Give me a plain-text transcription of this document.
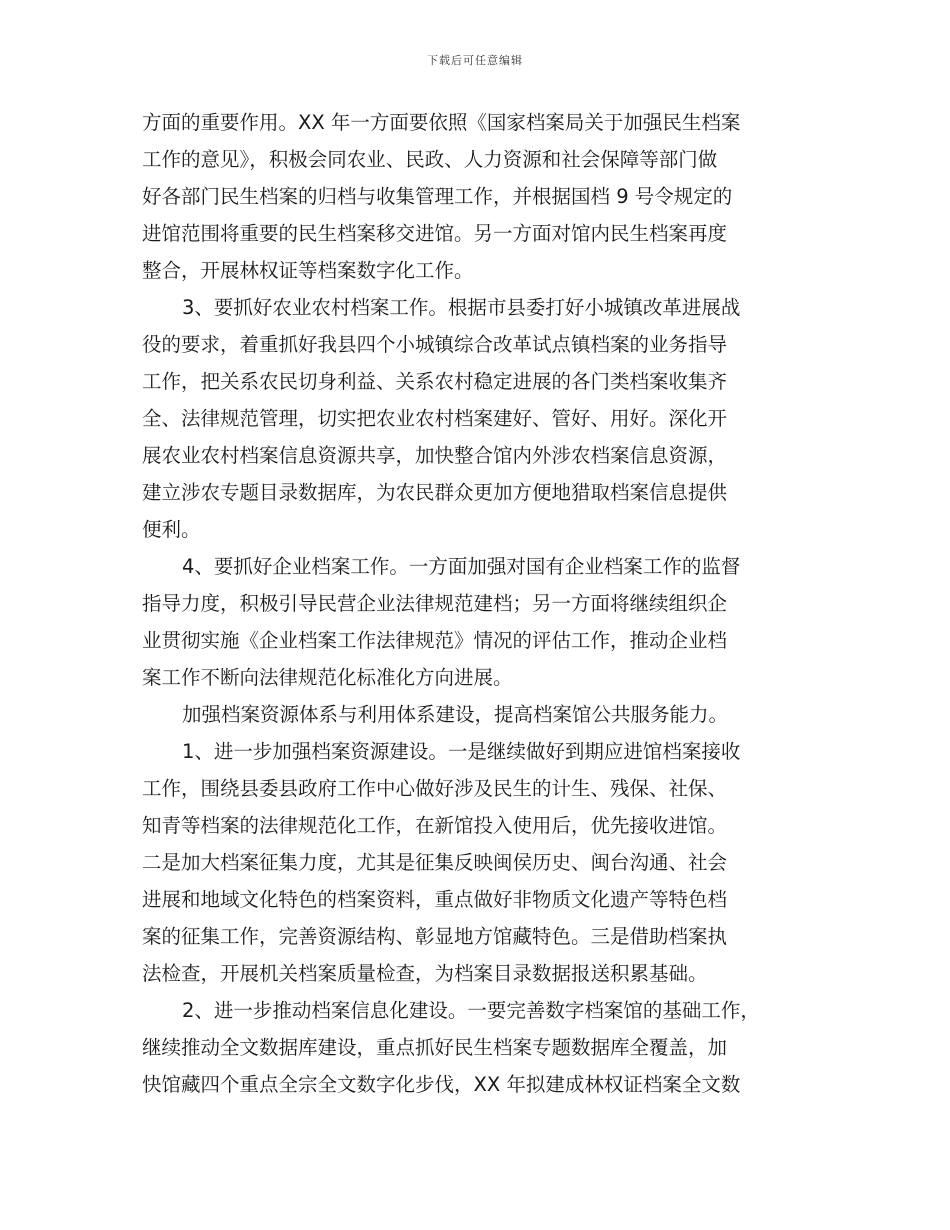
下载后可任意编辑
方面的重要作用。XX 年一方面要依照《国家档案局关于加强民生档案
工作的意见》，积极会同农业、民政、人力资源和社会保障等部门做
好各部门民生档案的归档与收集管理工作，并根据国档 9 号令规定的
进馆范围将重要的民生档案移交进馆。另一方面对馆内民生档案再度
整合，开展林权证等档案数字化工作。
3、要抓好农业农村档案工作。根据市县委打好小城镇改革进展战
役的要求，着重抓好我县四个小城镇综合改革试点镇档案的业务指导
工作，把关系农民切身利益、关系农村稳定进展的各门类档案收集齐
全、法律规范管理，切实把农业农村档案建好、管好、用好。深化开
展农业农村档案信息资源共享，加快整合馆内外涉农档案信息资源，
建立涉农专题目录数据库，为农民群众更加方便地猎取档案信息提供
便利。
4、要抓好企业档案工作。一方面加强对国有企业档案工作的监督
指导力度，积极引导民营企业法律规范建档；另一方面将继续组织企
业贯彻实施《企业档案工作法律规范》情况的评估工作，推动企业档
案工作不断向法律规范化标准化方向进展。
加强档案资源体系与利用体系建设，提高档案馆公共服务能力。
1、进一步加强档案资源建设。一是继续做好到期应进馆档案接收
工作，围绕县委县政府工作中心做好涉及民生的计生、残保、社保、
知青等档案的法律规范化工作，在新馆投入使用后，优先接收进馆。
二是加大档案征集力度，尤其是征集反映闽侯历史、闽台沟通、社会
进展和地域文化特色的档案资料，重点做好非物质文化遗产等特色档
案的征集工作，完善资源结构、彰显地方馆藏特色。三是借助档案执
法检查，开展机关档案质量检查，为档案目录数据报送积累基础。
2、进一步推动档案信息化建设。一要完善数字档案馆的基础工作，
继续推动全文数据库建设，重点抓好民生档案专题数据库全覆盖，加
快馆藏四个重点全宗全文数字化步伐，XX 年拟建成林权证档案全文数
